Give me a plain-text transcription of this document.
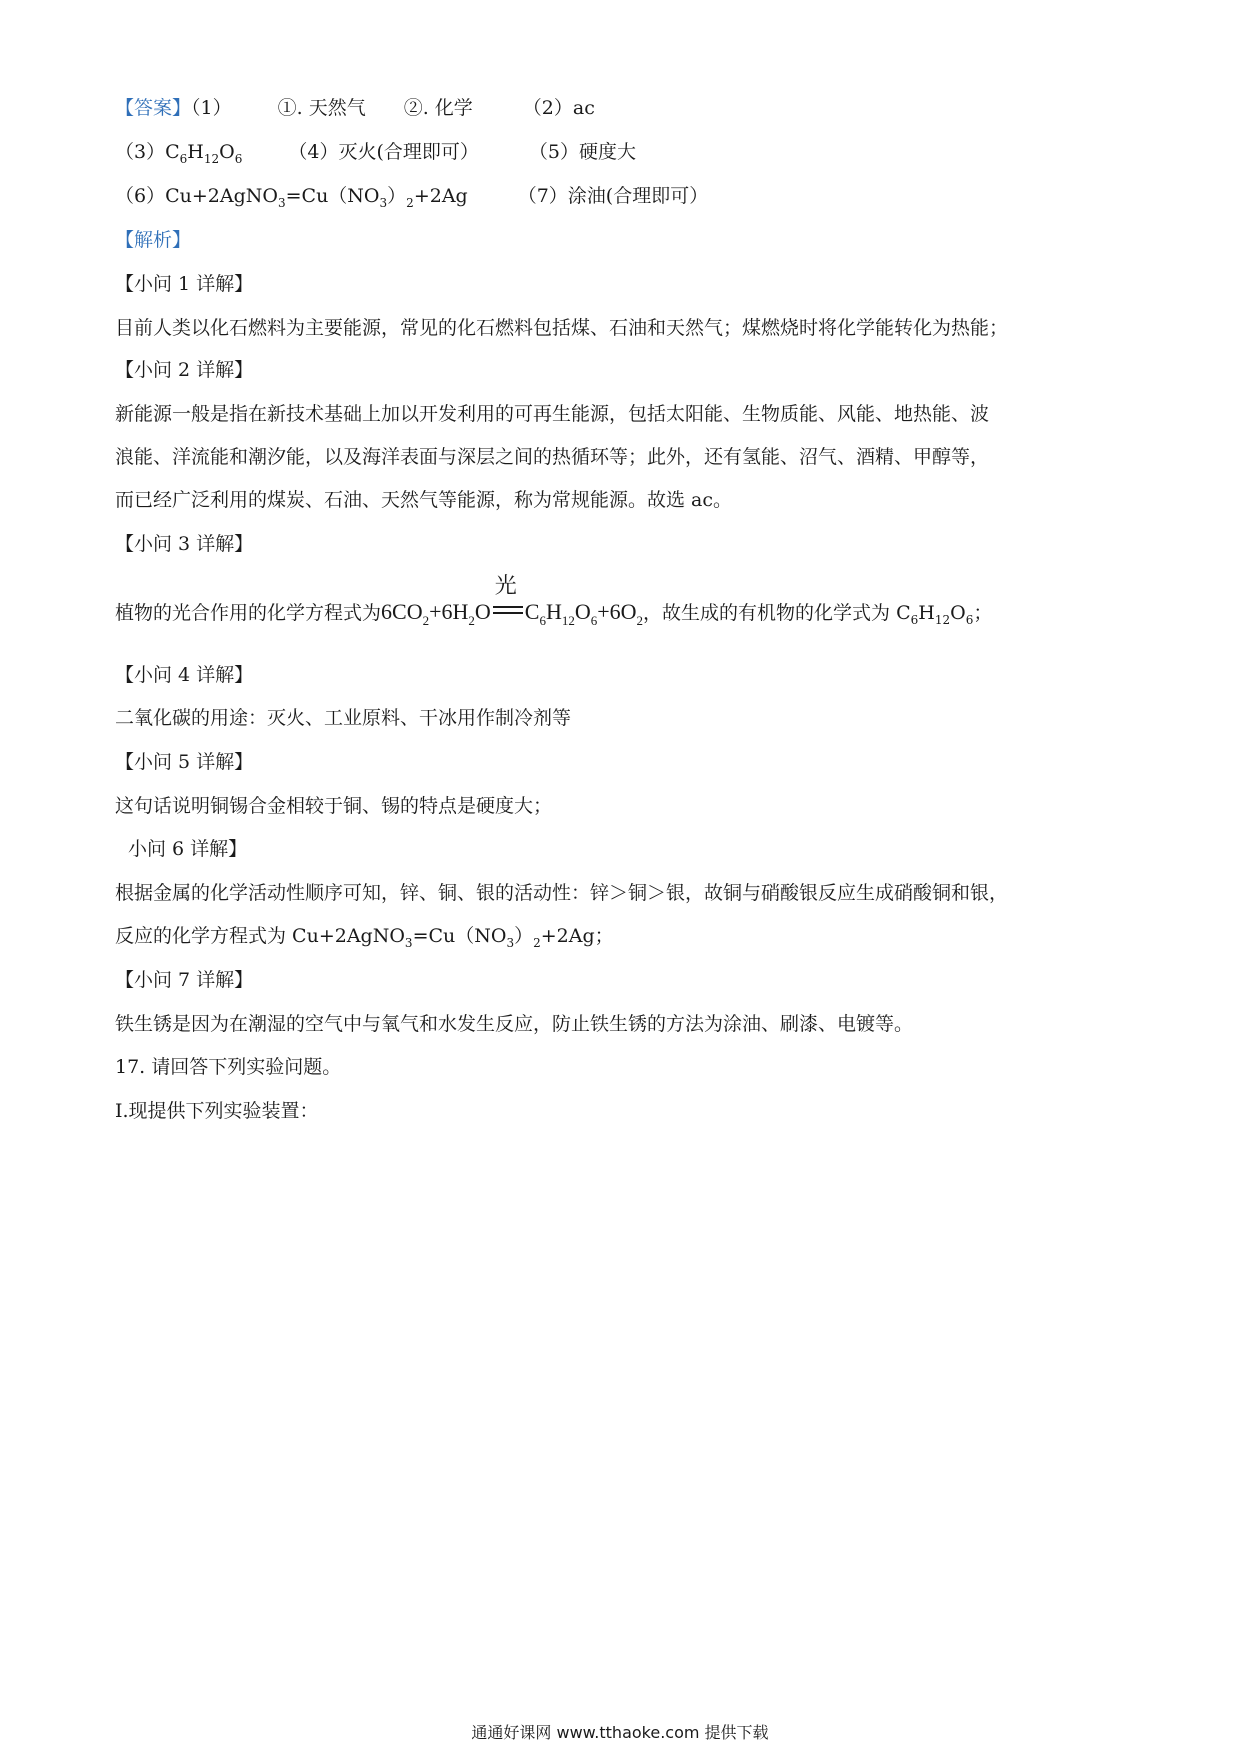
【答案】（1） ①. 天然气 ②. 化学	（2）ac
$(3)C_6H_{12}O_6$ （4）灭火(合理即可）	（5）硬度大
$(6)Cu+2AgNO_3=Cu(NO_3)_2+2Ag$	（7）涂油(合理即可）
【解析】
【小问 1 详解】
目前人类以化石燃料为主要能源，常见的化石燃料包括煤、石油和天然气；煤燃烧时将化学能转化为热能；
【小问 2 详解】
新能源一般是指在新技术基础上加以开发利用的可再生能源，包括太阳能、生物质能、风能、地热能、波
浪能、洋流能和潮汐能，以及海洋表面与深层之间的热循环等；此外，还有氢能、沼气、酒精、甲醇等，
而已经广泛利用的煤炭、石油、天然气等能源，称为常规能源。故选 ac。
【小问 3 详解】
植物的光合作用的化学方程式为$6CO_2+6H_2O$
光
$C_6H_{12}O_6+6O_2$，故生成的有机物的化学式为 $C_6H_{12}O_6$；
【小问 4 详解】
二氧化碳的用途：灭火、工业原料、干冰用作制冷剂等
【小问 5 详解】
这句话说明铜锡合金相较于铜、锡的特点是硬度大；
小问 6 详解】
根据金属的化学活动性顺序可知，锌、铜、银的活动性：锌＞铜＞银，故铜与硝酸银反应生成硝酸铜和银，
反应的化学方程式为 $Cu+2AgNO_3=Cu(NO_3)_2+2Ag$；
【小问 7 详解】
铁生锈是因为在潮湿的空气中与氧气和水发生反应，防止铁生锈的方法为涂油、刷漆、电镀等。
17. 请回答下列实验问题。
I.现提供下列实验装置：
通通好课网 www.tthaoke.com 提供下载
